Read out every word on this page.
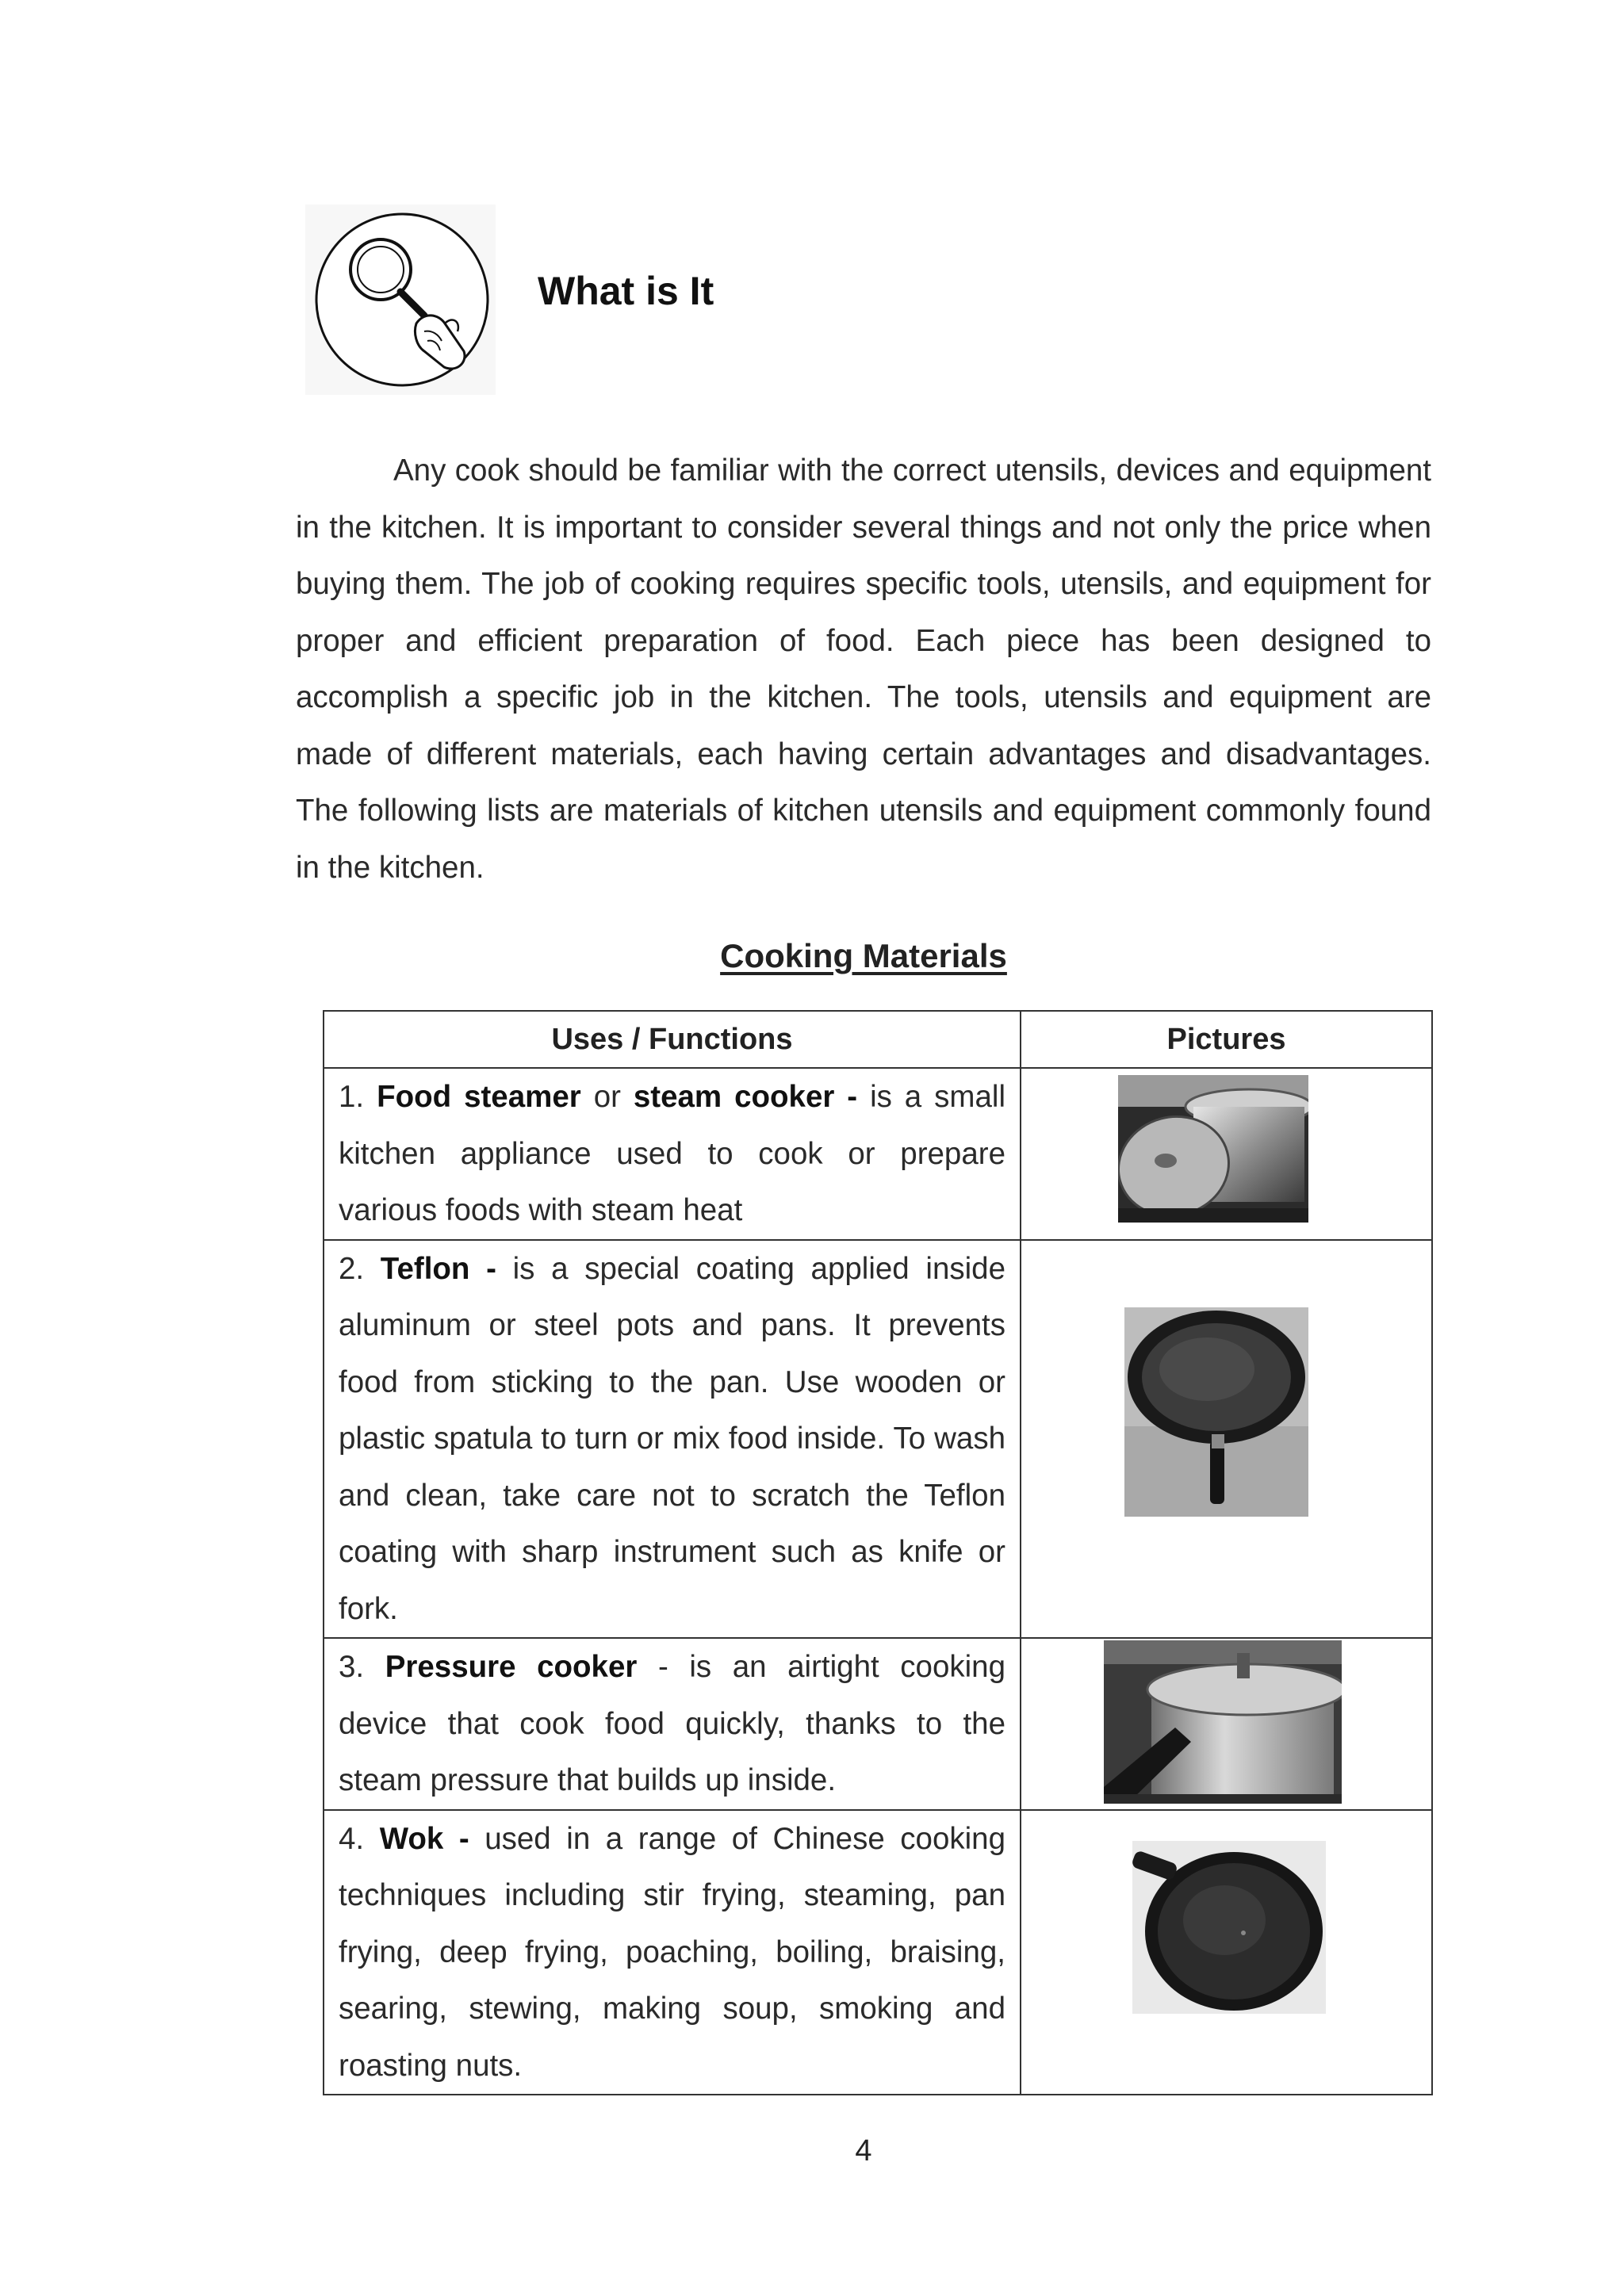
What is It

Any cook should be familiar with the correct utensils, devices and equipment in the kitchen. It is important to consider several things and not only the price when buying them. The job of cooking requires specific tools, utensils, and equipment for proper and efficient preparation of food. Each piece has been designed to accomplish a specific job in the kitchen. The tools, utensils and equipment are made of different materials, each having certain advantages and disadvantages. The following lists are materials of kitchen utensils and equipment commonly found in the kitchen.

Cooking Materials
Uses / Functions	Pictures

1. Food steamer or steam cooker - is a small kitchen appliance used to cook or prepare various foods with steam heat

2. Teflon - is a special coating applied inside aluminum or steel pots and pans. It prevents food from sticking to the pan. Use wooden or plastic spatula to turn or mix food inside. To wash and clean, take care not to scratch the Teflon coating with sharp instrument such as knife or fork.

3. Pressure cooker - is an airtight cooking device that cook food quickly, thanks to the steam pressure that builds up inside.

4. Wok - used in a range of Chinese cooking techniques including stir frying, steaming, pan frying, deep frying, poaching, boiling, braising, searing, stewing, making soup, smoking and roasting nuts.

4
